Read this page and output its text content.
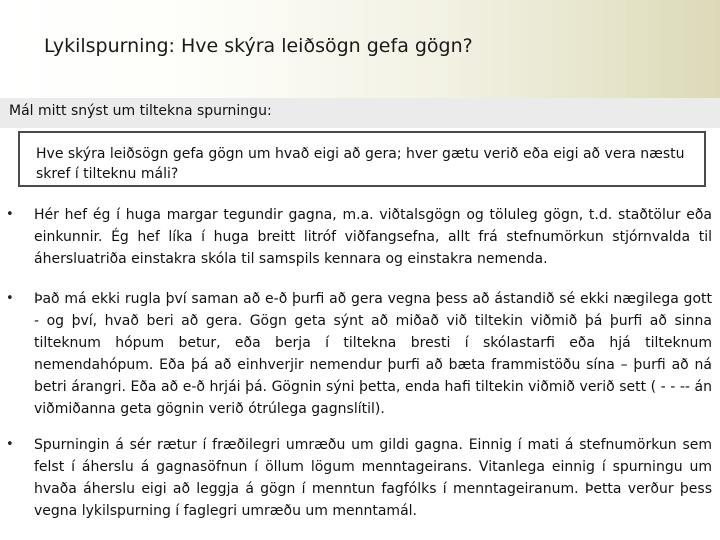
Lykilspurning: Hve skýra leiðsögn gefa gögn?

Mál mitt snýst um tiltekna spurningu:

Hve skýra leiðsögn gefa gögn um hvað eigi að gera; hver gætu verið eða eigi að vera næstu skref í tilteknu máli?

• Hér hef ég í huga margar tegundir gagna, m.a. viðtalsgögn og töluleg gögn, t.d. staðtölur eða einkunnir. Ég hef líka í huga breitt litróf viðfangsefna, allt frá stefnumörkun stjórnvalda til áhersluatriða einstakra skóla til samspils kennara og einstakra nemenda.

• Það má ekki rugla því saman að e-ð þurfi að gera vegna þess að ástandið sé ekki nægilega gott - og því, hvað beri að gera. Gögn geta sýnt að miðað við tiltekin viðmið þá þurfi að sinna tilteknum hópum betur, eða berja í tiltekna bresti í skólastarfi eða hjá tilteknum nemendahópum. Eða þá að einhverjir nemendur þurfi að bæta frammistöðu sína – þurfi að ná betri árangri. Eða að e-ð hrjái þá. Gögnin sýni þetta, enda hafi tiltekin viðmið verið sett ( - - -- án viðmiðanna geta gögnin verið ótrúlega gagnslítil).

• Spurningin á sér rætur í fræðilegri umræðu um gildi gagna. Einnig í mati á stefnumörkun sem felst í áherslu á gagnasöfnun í öllum lögum menntageirans. Vitanlega einnig í spurningu um hvaða áherslu eigi að leggja á gögn í menntun fagfólks í menntageiranum. Þetta verður þess vegna lykilspurning í faglegri umræðu um menntamál.
